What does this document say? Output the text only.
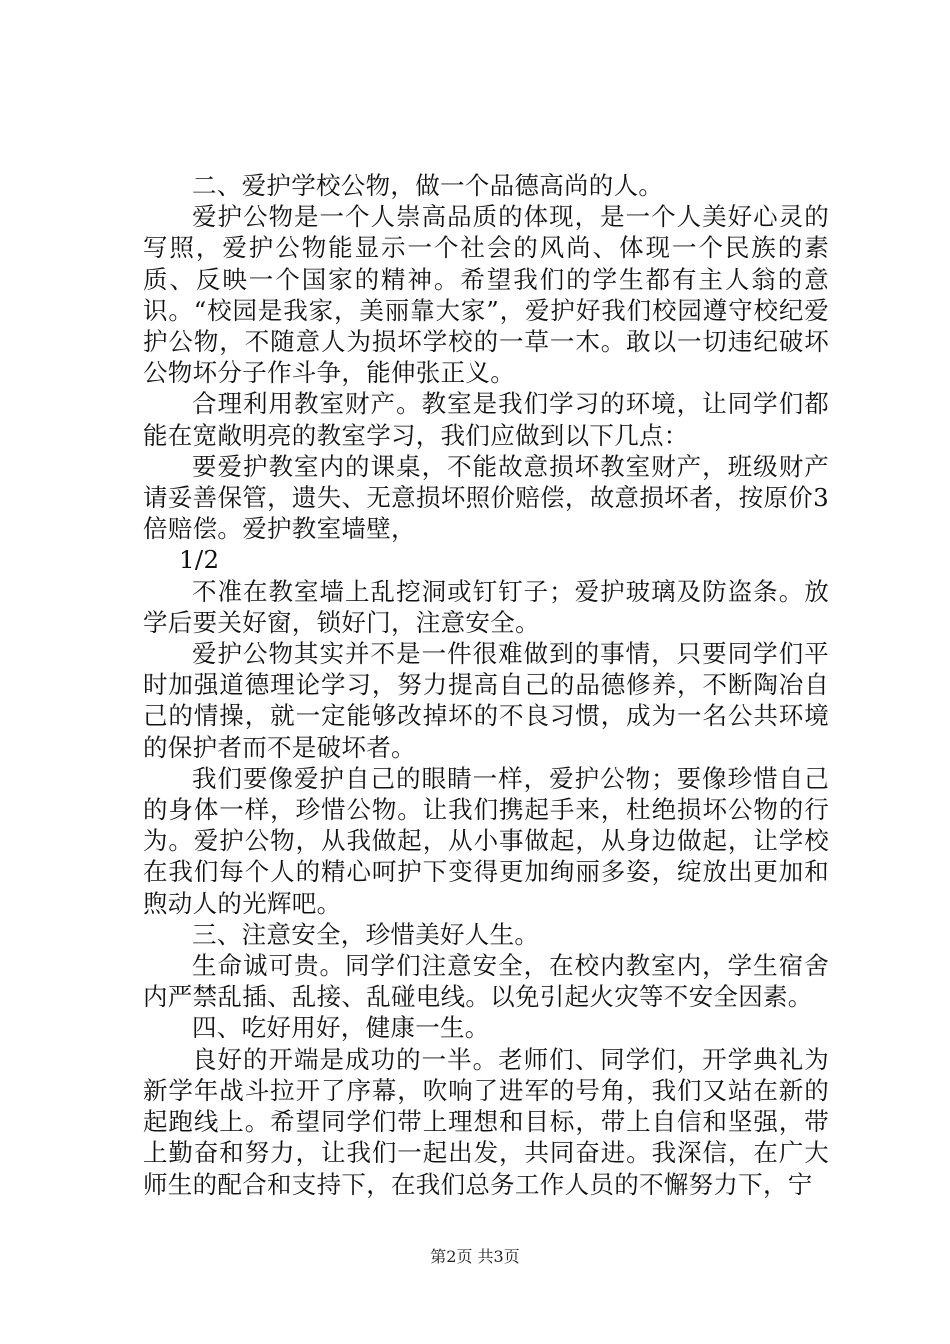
二、爱护学校公物，做一个品德高尚的人。

爱护公物是一个人崇高品质的体现，是一个人美好心灵的写照，爱护公物能显示一个社会的风尚、体现一个民族的素质、反映一个国家的精神。希望我们的学生都有主人翁的意识。“校园是我家，美丽靠大家”，爱护好我们校园遵守校纪爱护公物，不随意人为损坏学校的一草一木。敢以一切违纪破坏公物坏分子作斗争，能伸张正义。

合理利用教室财产。教室是我们学习的环境，让同学们都能在宽敞明亮的教室学习，我们应做到以下几点：

要爱护教室内的课桌，不能故意损坏教室财产，班级财产请妥善保管，遗失、无意损坏照价赔偿，故意损坏者，按原价3倍赔偿。爱护教室墙壁，

1/2

不准在教室墙上乱挖洞或钉钉子；爱护玻璃及防盗条。放学后要关好窗，锁好门，注意安全。

爱护公物其实并不是一件很难做到的事情，只要同学们平时加强道德理论学习，努力提高自己的品德修养，不断陶冶自己的情操，就一定能够改掉坏的不良习惯，成为一名公共环境的保护者而不是破坏者。

我们要像爱护自己的眼睛一样，爱护公物；要像珍惜自己的身体一样，珍惜公物。让我们携起手来，杜绝损坏公物的行为。爱护公物，从我做起，从小事做起，从身边做起，让学校在我们每个人的精心呵护下变得更加绚丽多姿，绽放出更加和煦动人的光辉吧。

三、注意安全，珍惜美好人生。

生命诚可贵。同学们注意安全，在校内教室内，学生宿舍内严禁乱插、乱接、乱碰电线。以免引起火灾等不安全因素。

四、吃好用好，健康一生。

良好的开端是成功的一半。老师们、同学们，开学典礼为新学年战斗拉开了序幕，吹响了进军的号角，我们又站在新的起跑线上。希望同学们带上理想和目标，带上自信和坚强，带上勤奋和努力，让我们一起出发，共同奋进。我深信，在广大师生的配合和支持下，在我们总务工作人员的不懈努力下，宁

第2页 共3页
